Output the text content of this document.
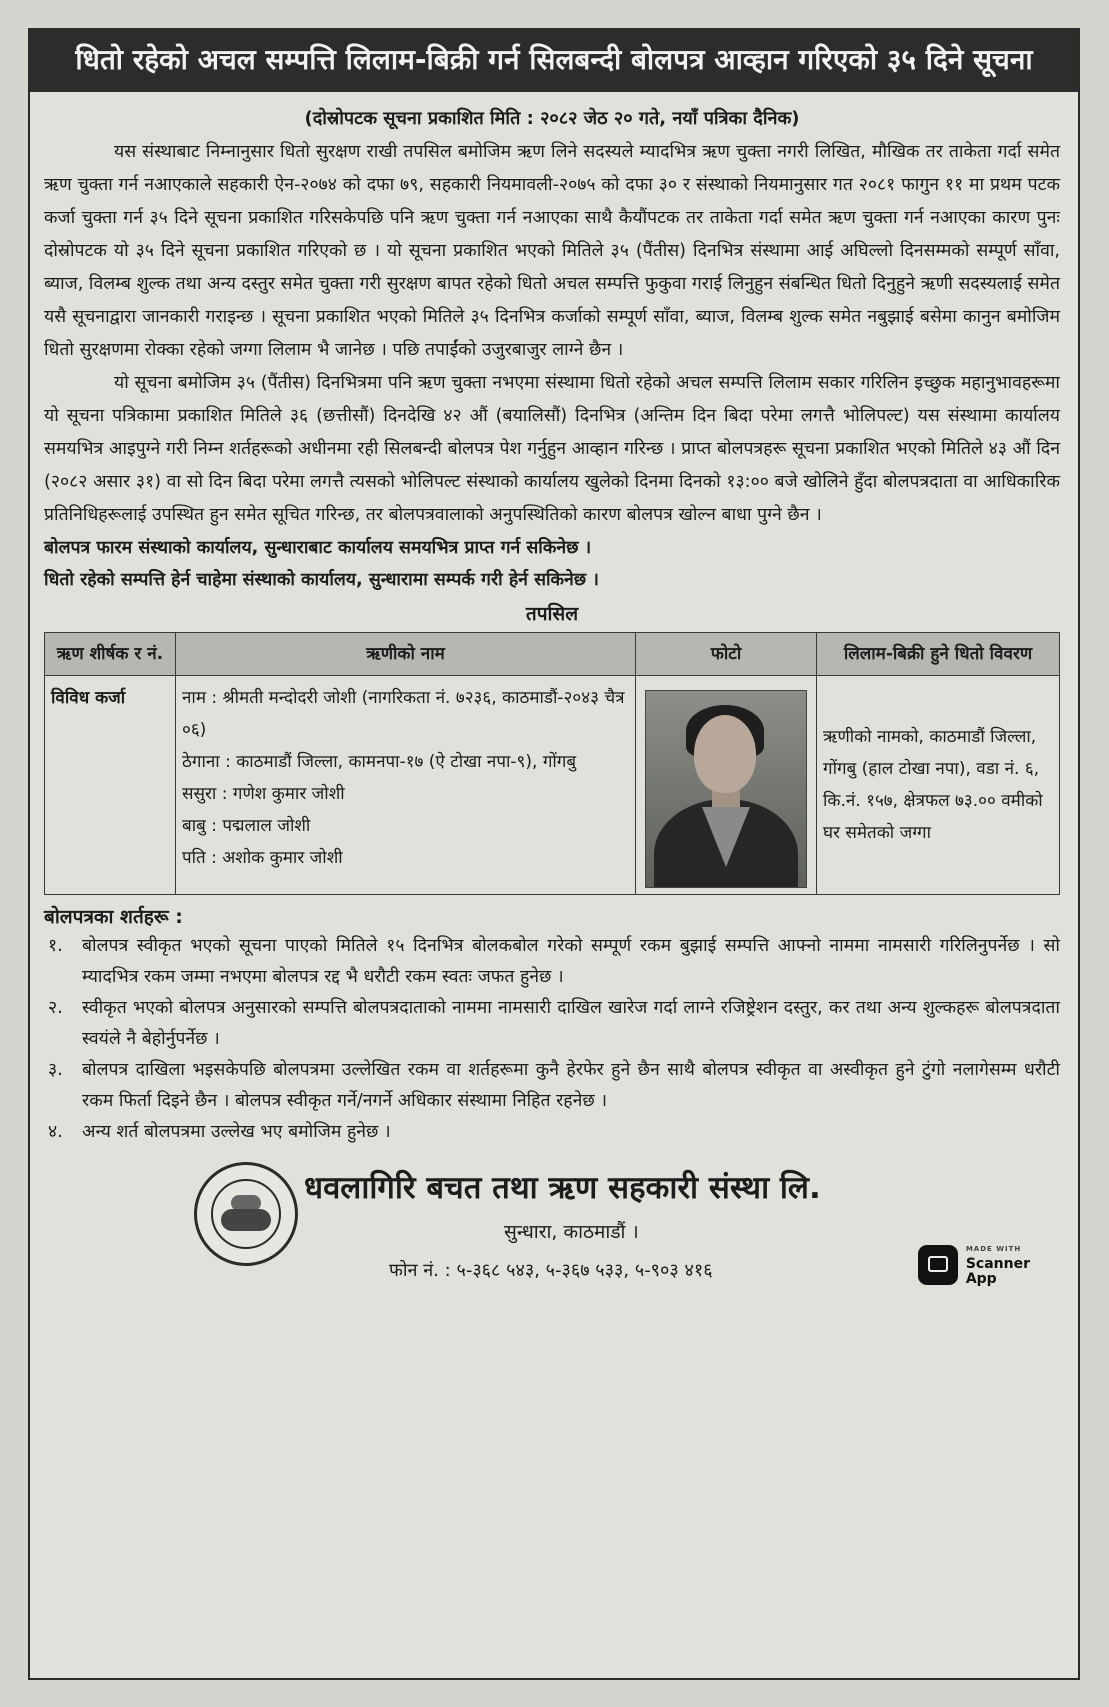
धितो रहेको अचल सम्पत्ति लिलाम-बिक्री गर्न सिलबन्दी बोलपत्र आव्हान गरिएको ३५ दिने सूचना
(दोस्रोपटक सूचना प्रकाशित मिति : २०८२ जेठ २० गते, नयाँ पत्रिका दैनिक)

यस संस्थाबाट निम्नानुसार धितो सुरक्षण राखी तपसिल बमोजिम ऋण लिने सदस्यले म्यादभित्र ऋण चुक्ता नगरी लिखित, मौखिक तर ताकेता गर्दा समेत ऋण चुक्ता गर्न नआएकाले सहकारी ऐन-२०७४ को दफा ७९, सहकारी नियमावली-२०७५ को दफा ३० र संस्थाको नियमानुसार गत २०८१ फागुन ११ मा प्रथम पटक कर्जा चुक्ता गर्न ३५ दिने सूचना प्रकाशित गरिसकेपछि पनि ऋण चुक्ता गर्न नआएका साथै कैयौंपटक तर ताकेता गर्दा समेत ऋण चुक्ता गर्न नआएका कारण पुनः दोस्रोपटक यो ३५ दिने सूचना प्रकाशित गरिएको छ । यो सूचना प्रकाशित भएको मितिले ३५ (पैंतीस) दिनभित्र संस्थामा आई अघिल्लो दिनसम्मको सम्पूर्ण साँवा, ब्याज, विलम्ब शुल्क तथा अन्य दस्तुर समेत चुक्ता गरी सुरक्षण बापत रहेको धितो अचल सम्पत्ति फुकुवा गराई लिनुहुन संबन्धित धितो दिनुहुने ऋणी सदस्यलाई समेत यसै सूचनाद्वारा जानकारी गराइन्छ । सूचना प्रकाशित भएको मितिले ३५ दिनभित्र कर्जाको सम्पूर्ण साँवा, ब्याज, विलम्ब शुल्क समेत नबुझाई बसेमा कानुन बमोजिम धितो सुरक्षणमा रोक्का रहेको जग्गा लिलाम भै जानेछ । पछि तपाईंको उजुरबाजुर लाग्ने छैन ।

यो सूचना बमोजिम ३५ (पैंतीस) दिनभित्रमा पनि ऋण चुक्ता नभएमा संस्थामा धितो रहेको अचल सम्पत्ति लिलाम सकार गरिलिन इच्छुक महानुभावहरूमा यो सूचना पत्रिकामा प्रकाशित मितिले ३६ (छत्तीसौं) दिनदेखि ४२ औं (बयालिसौं) दिनभित्र (अन्तिम दिन बिदा परेमा लगत्तै भोलिपल्ट) यस संस्थामा कार्यालय समयभित्र आइपुग्ने गरी निम्न शर्तहरूको अधीनमा रही सिलबन्दी बोलपत्र पेश गर्नुहुन आव्हान गरिन्छ । प्राप्त बोलपत्रहरू सूचना प्रकाशित भएको मितिले ४३ औं दिन (२०८२ असार ३१) वा सो दिन बिदा परेमा लगत्तै त्यसको भोलिपल्ट संस्थाको कार्यालय खुलेको दिनमा दिनको १३:०० बजे खोलिने हुँदा बोलपत्रदाता वा आधिकारिक प्रतिनिधिहरूलाई उपस्थित हुन समेत सूचित गरिन्छ, तर बोलपत्रवालाको अनुपस्थितिको कारण बोलपत्र खोल्न बाधा पुग्ने छैन ।

बोलपत्र फारम संस्थाको कार्यालय, सुन्धाराबाट कार्यालय समयभित्र प्राप्त गर्न सकिनेछ ।

धितो रहेको सम्पत्ति हेर्न चाहेमा संस्थाको कार्यालय, सुन्धारामा सम्पर्क गरी हेर्न सकिनेछ ।

तपसिल
ऋण शीर्षक र नं.	ऋणीको नाम	फोटो	लिलाम-बिक्री हुने धितो विवरण
विविध कर्जा	नाम : श्रीमती मन्दोदरी जोशी (नागरिकता नं. ७२३६, काठमाडौं-२०४३ चैत्र ०६)
ठेगाना : काठमाडौं जिल्ला, कामनपा-१७ (ऐ टोखा नपा-९), गोंगबु
ससुरा : गणेश कुमार जोशी
बाबु : पद्मलाल जोशी
पति : अशोक कुमार जोशी		ऋणीको नामको, काठमाडौं जिल्ला, गोंगबु (हाल टोखा नपा), वडा नं. ६, कि.नं. १५७, क्षेत्रफल ७३.०० वमीको घर समेतको जग्गा
बोलपत्रका शर्तहरू :
१.	बोलपत्र स्वीकृत भएको सूचना पाएको मितिले १५ दिनभित्र बोलकबोल गरेको सम्पूर्ण रकम बुझाई सम्पत्ति आफ्नो नाममा नामसारी गरिलिनुपर्नेछ । सो म्यादभित्र रकम जम्मा नभएमा बोलपत्र रद्द भै धरौटी रकम स्वतः जफत हुनेछ ।
२.	स्वीकृत भएको बोलपत्र अनुसारको सम्पत्ति बोलपत्रदाताको नाममा नामसारी दाखिल खारेज गर्दा लाग्ने रजिष्ट्रेशन दस्तुर, कर तथा अन्य शुल्कहरू बोलपत्रदाता स्वयंले नै बेहोर्नुपर्नेछ ।
३.	बोलपत्र दाखिला भइसकेपछि बोलपत्रमा उल्लेखित रकम वा शर्तहरूमा कुनै हेरफेर हुने छैन साथै बोलपत्र स्वीकृत वा अस्वीकृत हुने टुंगो नलागेसम्म धरौटी रकम फिर्ता दिइने छैन । बोलपत्र स्वीकृत गर्ने/नगर्ने अधिकार संस्थामा निहित रहनेछ ।
४.	अन्य शर्त बोलपत्रमा उल्लेख भए बमोजिम हुनेछ ।
धवलागिरि बचत तथा ऋण सहकारी संस्था लि.
सुन्धारा, काठमाडौं ।
फोन नं. : ५-३६८ ५४३, ५-३६७ ५३३, ५-९०३ ४१६
MADE WITH
Scanner
App
